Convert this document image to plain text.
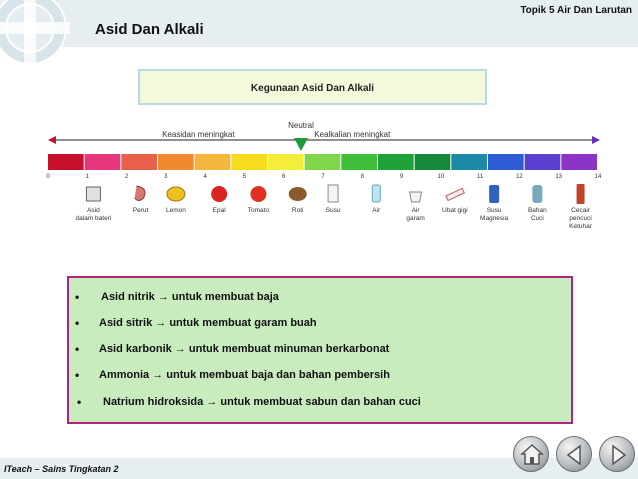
Asid Dan Alkali
Topik 5 Air Dan Larutan
Kegunaan Asid Dan Alkali
Keasidan meningkat	Kealkalian meningkat
Neutral
0	1	2	3	4	5	6	7	8	9	10	11	12	13	14
Asid
dalam bateri
Perut	Lemon	Epal	Tomato	Roti	Susu	Air	Air
garam
Ubat gigi	Susu
Magnesia
Bahan
Cuci
Cecair
pencuci
Ketuhar
• Asid nitrik → untuk membuat baja
• Asid sitrik → untuk membuat garam buah
• Asid karbonik → untuk membuat minuman berkarbonat
• Ammonia → untuk membuat baja dan bahan pembersih
• Natrium hidroksida → untuk membuat sabun dan bahan cuci
ITeach – Sains Tingkatan 2
